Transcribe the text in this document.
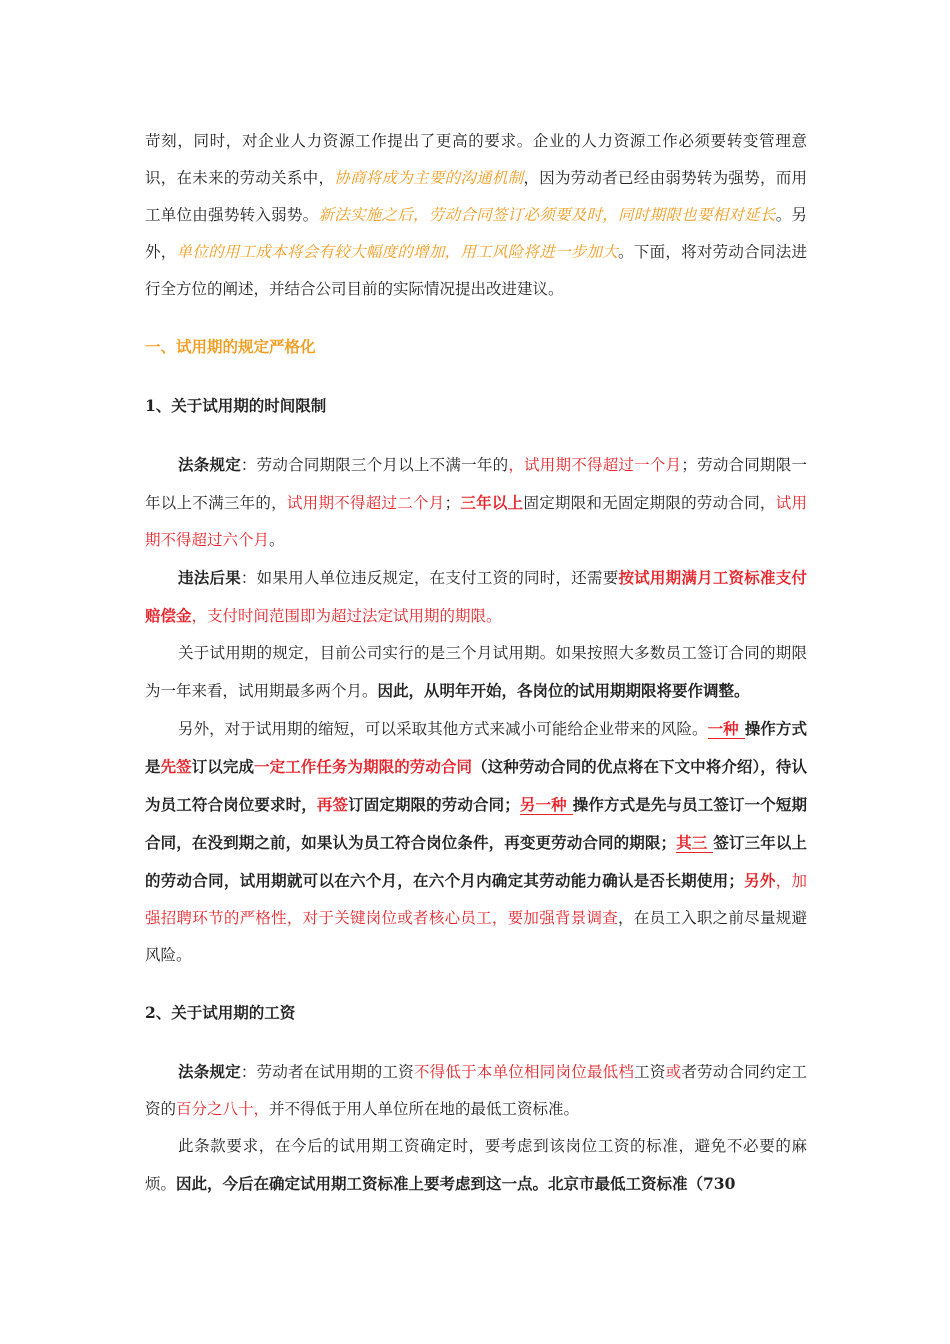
苛刻，同时，对企业人力资源工作提出了更高的要求。企业的人力资源工作必须要转变管理意识，在未来的劳动关系中，协商将成为主要的沟通机制，因为劳动者已经由弱势转为强势，而用工单位由强势转入弱势。新法实施之后，劳动合同签订必须要及时，同时期限也要相对延长。另外，单位的用工成本将会有较大幅度的增加，用工风险将进一步加大。下面，将对劳动合同法进行全方位的阐述，并结合公司目前的实际情况提出改进建议。

一、试用期的规定严格化

1、关于试用期的时间限制

法条规定：劳动合同期限三个月以上不满一年的，试用期不得超过一个月；劳动合同期限一年以上不满三年的，试用期不得超过二个月；三年以上固定期限和无固定期限的劳动合同，试用期不得超过六个月。

违法后果：如果用人单位违反规定，在支付工资的同时，还需要按试用期满月工资标准支付赔偿金，支付时间范围即为超过法定试用期的期限。

关于试用期的规定，目前公司实行的是三个月试用期。如果按照大多数员工签订合同的期限为一年来看，试用期最多两个月。因此，从明年开始，各岗位的试用期期限将要作调整。

另外，对于试用期的缩短，可以采取其他方式来减小可能给企业带来的风险。一种 操作方式是先签订以完成一定工作任务为期限的劳动合同（这种劳动合同的优点将在下文中将介绍），待认为员工符合岗位要求时，再签订固定期限的劳动合同；另一种 操作方式是先与员工签订一个短期合同，在没到期之前，如果认为员工符合岗位条件，再变更劳动合同的期限；其三 签订三年以上的劳动合同，试用期就可以在六个月，在六个月内确定其劳动能力确认是否长期使用；另外，加强招聘环节的严格性，对于关键岗位或者核心员工，要加强背景调查，在员工入职之前尽量规避风险。

2、关于试用期的工资

法条规定：劳动者在试用期的工资不得低于本单位相同岗位最低档工资或者劳动合同约定工资的百分之八十，并不得低于用人单位所在地的最低工资标准。

此条款要求，在今后的试用期工资确定时，要考虑到该岗位工资的标准，避免不必要的麻烦。因此，今后在确定试用期工资标准上要考虑到这一点。北京市最低工资标准（730
